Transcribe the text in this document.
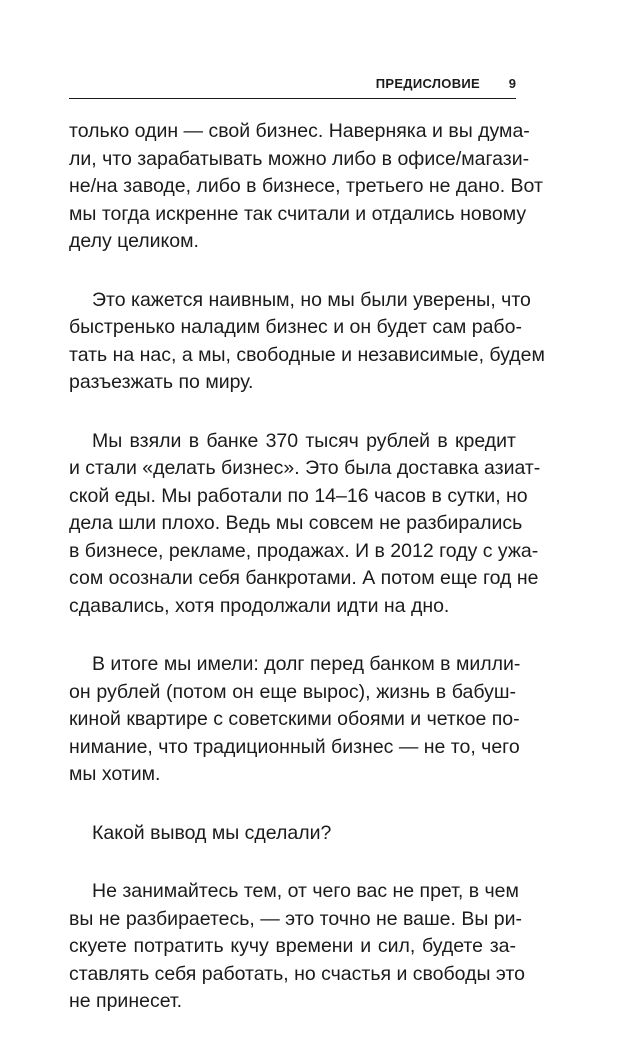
ПРЕДИСЛОВИЕ 9

только один — свой бизнес. Наверняка и вы дума-
ли, что зарабатывать можно либо в офисе/магази-
не/на заводе, либо в бизнесе, третьего не дано. Вот
мы тогда искренне так считали и отдались новому
делу целиком.

Это кажется наивным, но мы были уверены, что
быстренько наладим бизнес и он будет сам рабо-
тать на нас, а мы, свободные и независимые, будем
разъезжать по миру.

Мы взяли в банке 370 тысяч рублей в кредит
и стали «делать бизнес». Это была доставка азиат-
ской еды. Мы работали по 14–16 часов в сутки, но
дела шли плохо. Ведь мы совсем не разбирались
в бизнесе, рекламе, продажах. И в 2012 году с ужа-
сом осознали себя банкротами. А потом еще год не
сдавались, хотя продолжали идти на дно.

В итоге мы имели: долг перед банком в милли-
он рублей (потом он еще вырос), жизнь в бабуш-
киной квартире с советскими обоями и четкое по-
нимание, что традиционный бизнес — не то, чего
мы хотим.

Какой вывод мы сделали?

Не занимайтесь тем, от чего вас не прет, в чем
вы не разбираетесь, — это точно не ваше. Вы ри-
скуете потратить кучу времени и сил, будете за-
ставлять себя работать, но счастья и свободы это
не принесет.
